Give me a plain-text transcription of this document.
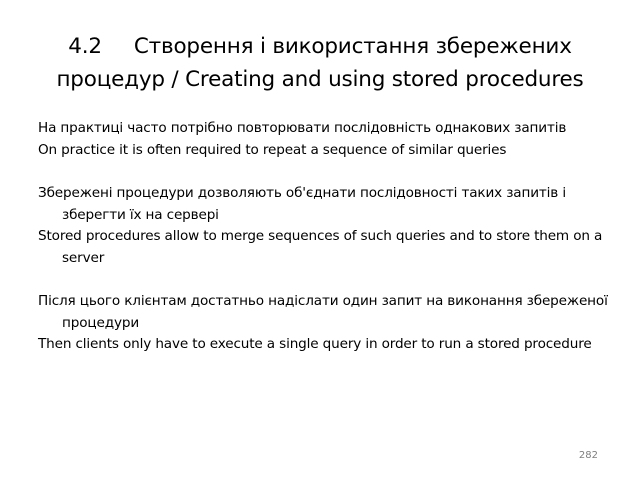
4.2 Створення і використання збережених
процедур / Creating and using stored procedures

На практиці часто потрібно повторювати послідовність однакових запитів

On practice it is often required to repeat a sequence of similar queries

Збережені процедури дозволяють об'єднати послідовності таких запитів і зберегти їх на сервері

Stored procedures allow to merge sequences of such queries and to store them on a server

Після цього клієнтам достатньо надіслати один запит на виконання збереженої процедури

Then clients only have to execute a single query in order to run a stored procedure

282
